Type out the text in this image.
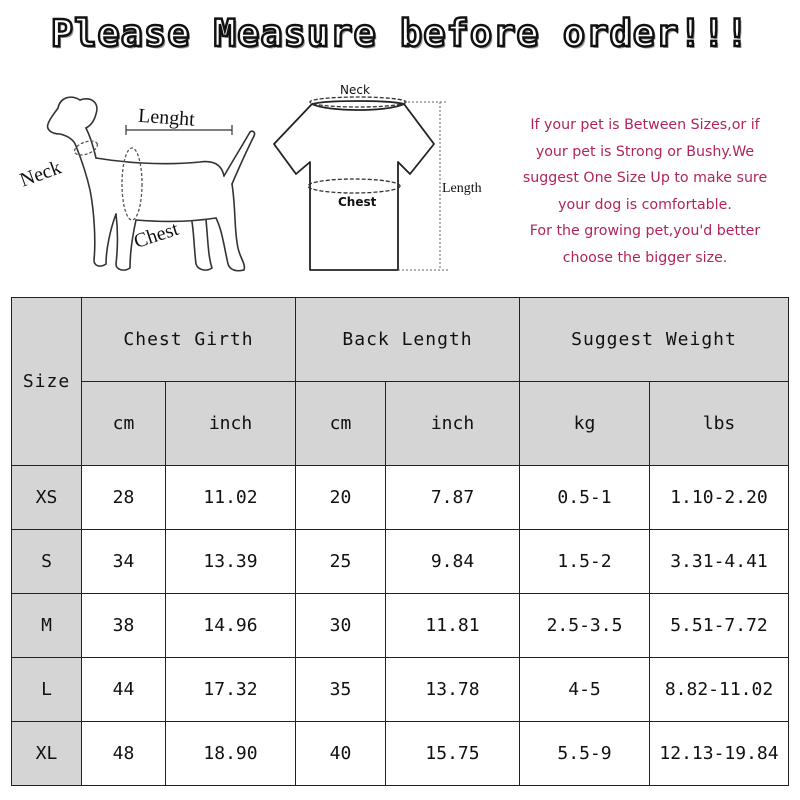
Please Measure before order!!!
Lenght
Neck
Chest
Neck
Chest
Length
If your pet is Between Sizes,or if
your pet is Strong or Bushy.We
suggest One Size Up to make sure
your dog is comfortable.
For the growing pet,you'd better
choose the bigger size.
Size	Chest Girth		Back Length		Suggest Weight	
	cm	inch	cm	inch	kg	lbs
XS	28	11.02	20	7.87	0.5-1	1.10-2.20
S	34	13.39	25	9.84	1.5-2	3.31-4.41
M	38	14.96	30	11.81	2.5-3.5	5.51-7.72
L	44	17.32	35	13.78	4-5	8.82-11.02
XL	48	18.90	40	15.75	5.5-9	12.13-19.84
